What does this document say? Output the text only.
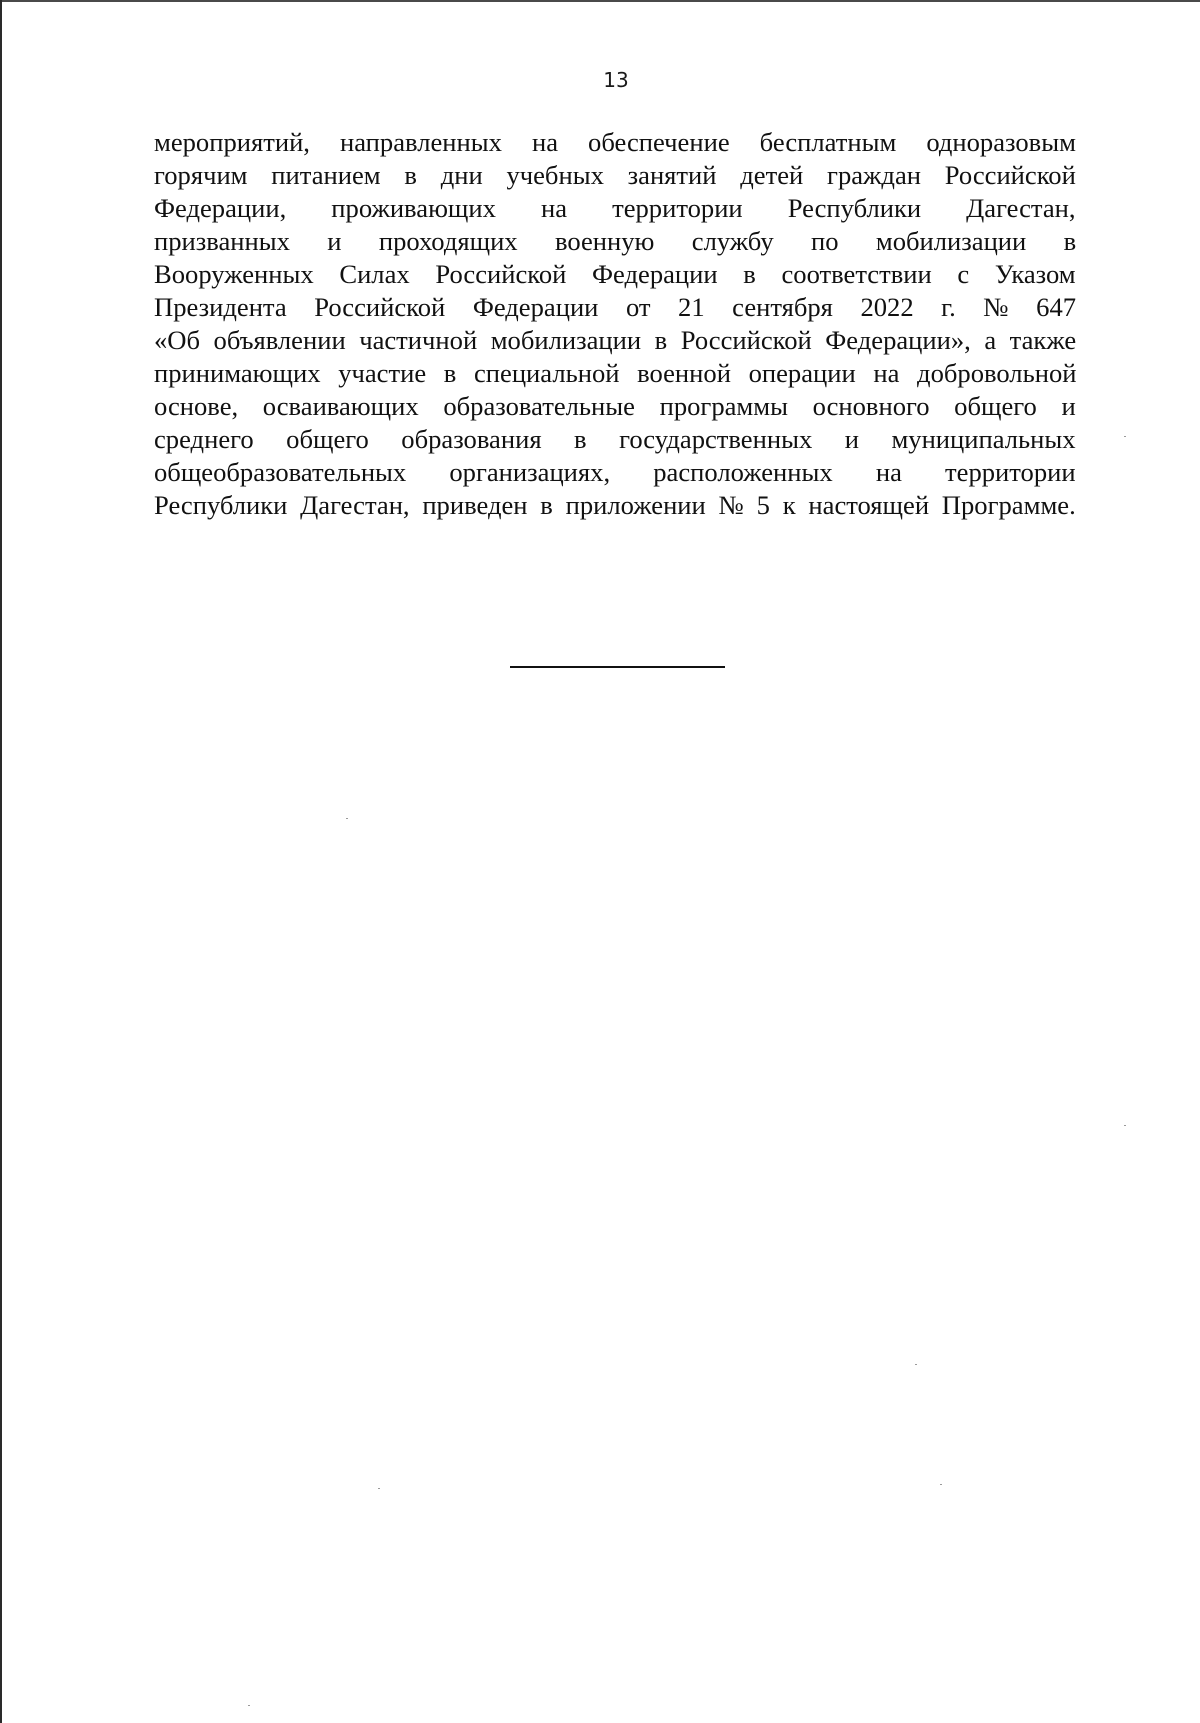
13
мероприятий, направленных на обеспечение бесплатным одноразовым
горячим питанием в дни учебных занятий детей граждан Российской
Федерации, проживающих на территории Республики Дагестан,
призванных и проходящих военную службу по мобилизации в
Вооруженных Силах Российской Федерации в соответствии с Указом
Президента Российской Федерации от 21 сентября 2022 г. № 647
«Об объявлении частичной мобилизации в Российской Федерации», а также
принимающих участие в специальной военной операции на добровольной
основе, осваивающих образовательные программы основного общего и
среднего общего образования в государственных и муниципальных
общеобразовательных организациях, расположенных на территории
Республики Дагестан, приведен в приложении № 5 к настоящей Программе.
